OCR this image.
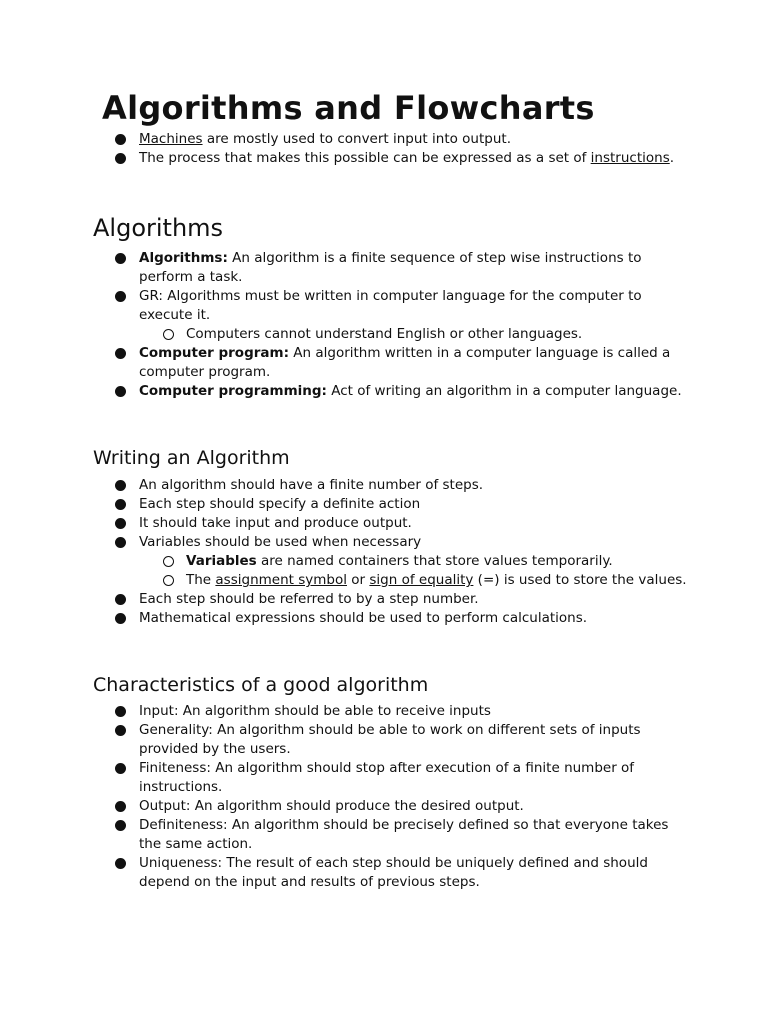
Algorithms and Flowcharts
Machines are mostly used to convert input into output.
The process that makes this possible can be expressed as a set of instructions.
Algorithms
Algorithms: An algorithm is a finite sequence of step wise instructions to perform a task.
GR: Algorithms must be written in computer language for the computer to execute it.
Computers cannot understand English or other languages.
Computer program: An algorithm written in a computer language is called a computer program.
Computer programming: Act of writing an algorithm in a computer language.
Writing an Algorithm
An algorithm should have a finite number of steps.
Each step should specify a definite action
It should take input and produce output.
Variables should be used when necessary
Variables are named containers that store values temporarily.
The assignment symbol or sign of equality (=) is used to store the values.
Each step should be referred to by a step number.
Mathematical expressions should be used to perform calculations.
Characteristics of a good algorithm
Input: An algorithm should be able to receive inputs
Generality: An algorithm should be able to work on different sets of inputs provided by the users.
Finiteness: An algorithm should stop after execution of a finite number of instructions.
Output: An algorithm should produce the desired output.
Definiteness: An algorithm should be precisely defined so that everyone takes the same action.
Uniqueness: The result of each step should be uniquely defined and should depend on the input and results of previous steps.
